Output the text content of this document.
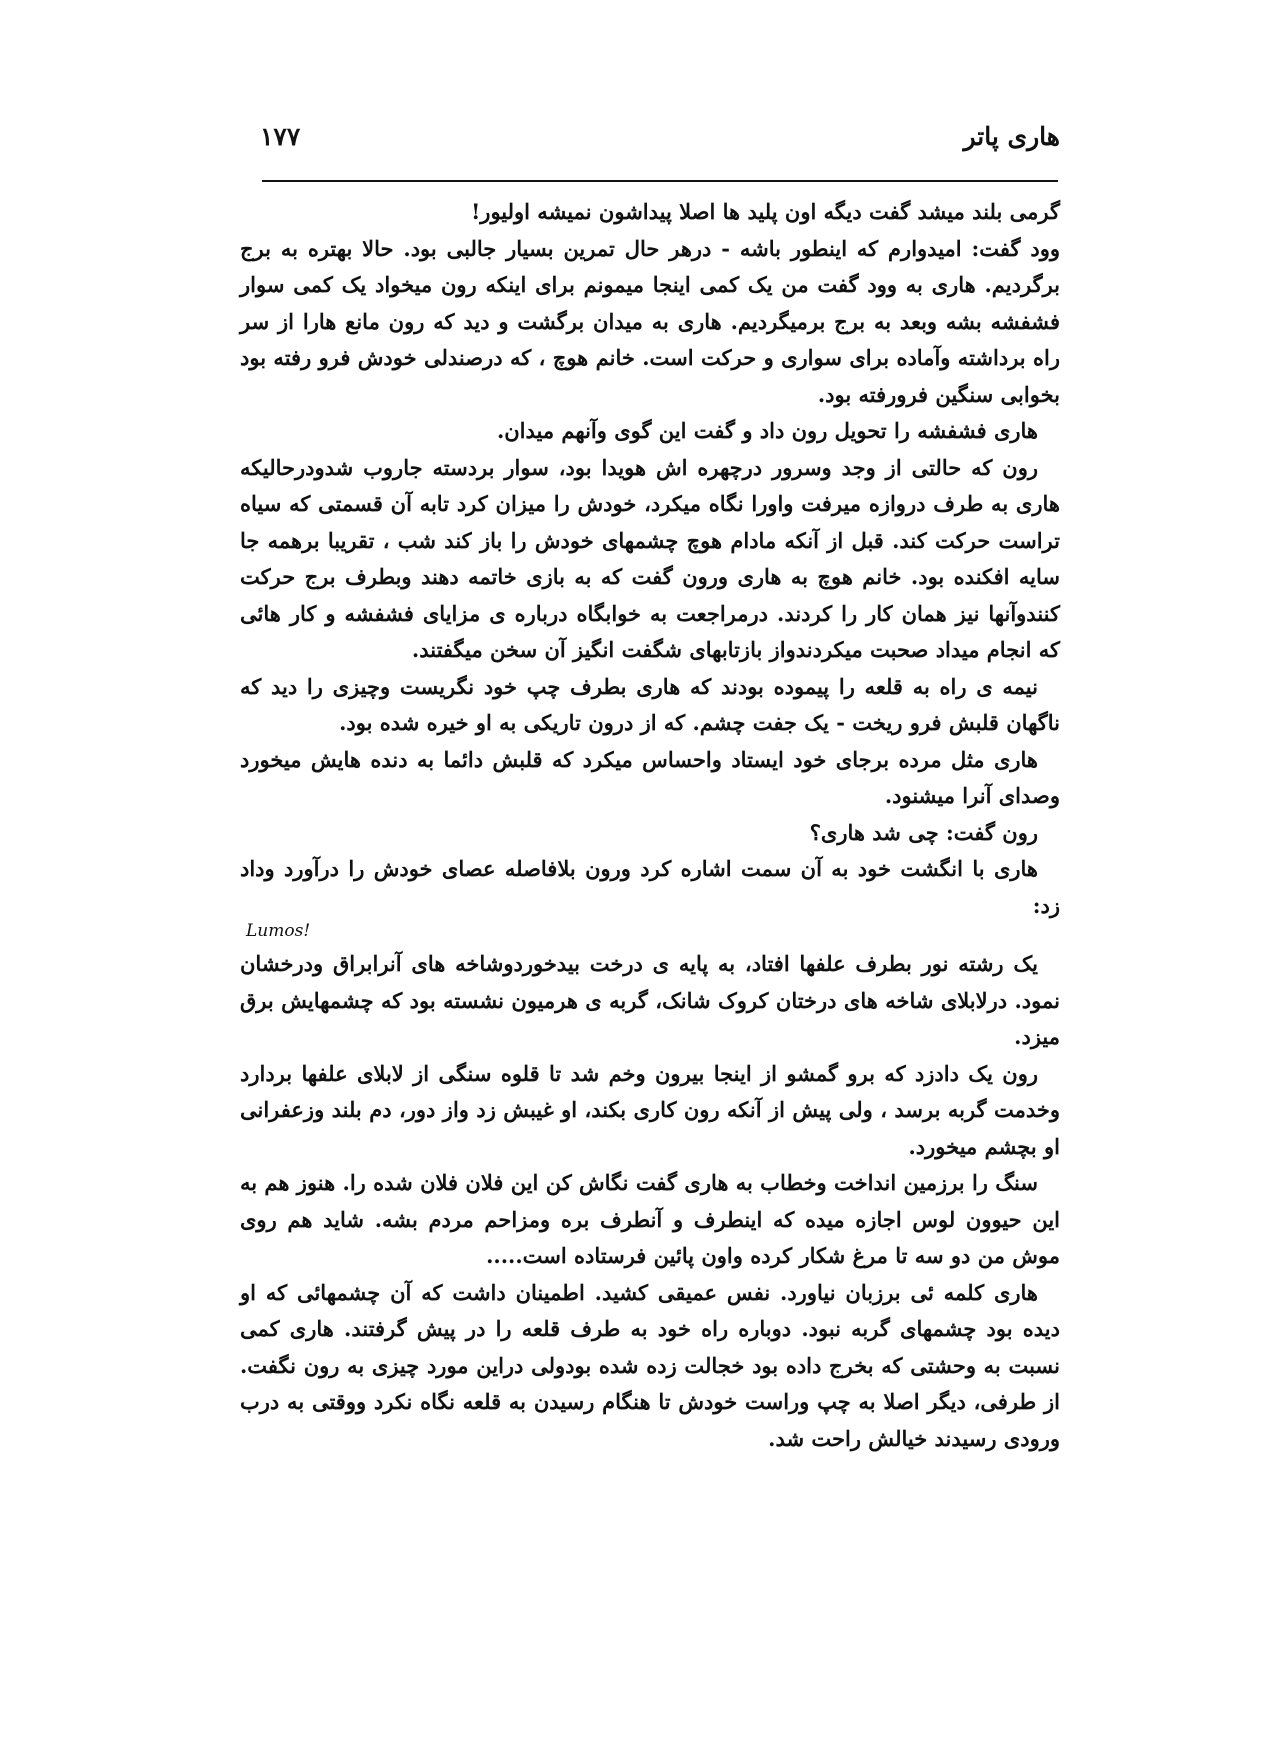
هاری پاتر
۱۷۷

گرمی بلند میشد گفت دیگه اون پلید ها اصلا پیداشون نمیشه اولیور!

وود گفت: امیدوارم که اینطور باشه - درهر حال تمرین بسیار جالبی بود. حالا بهتره به برج برگردیم. هاری به وود گفت من یک کمی اینجا میمونم برای اینکه رون میخواد یک کمی سوار فشفشه بشه وبعد به برج برمیگردیم. هاری به میدان برگشت و دید که رون مانع هارا از سر راه برداشته وآماده برای سواری و حرکت است. خانم هوچ ، که درصندلی خودش فرو رفته بود بخوابی سنگین فرورفته بود.

هاری فشفشه را تحویل رون داد و گفت این گوی وآنهم میدان.

رون که حالتی از وجد وسرور درچهره اش هویدا بود، سوار بردسته جاروب شدودرحالیکه هاری به طرف دروازه میرفت واورا نگاه میکرد، خودش را میزان کرد تابه آن قسمتی که سیاه تراست حرکت کند. قبل از آنکه مادام هوچ چشمهای خودش را باز کند شب ، تقریبا برهمه جا سایه افکنده بود. خانم هوچ به هاری ورون گفت که به بازی خاتمه دهند وبطرف برج حرکت کنندوآنها نیز همان کار را کردند. درمراجعت به خوابگاه درباره ی مزایای فشفشه و کار هائی که انجام میداد صحبت میکردندواز بازتابهای شگفت انگیز آن سخن میگفتند.

نیمه ی راه به قلعه را پیموده بودند که هاری بطرف چپ خود نگریست وچیزی را دید که ناگهان قلبش فرو ریخت - یک جفت چشم. که از درون تاریکی به او خیره شده بود.

هاری مثل مرده برجای خود ایستاد واحساس میکرد که قلبش دائما به دنده هایش میخورد وصدای آنرا میشنود.

رون گفت: چی شد هاری؟

هاری با انگشت خود به آن سمت اشاره کرد ورون بلافاصله عصای خودش را درآورد وداد زد:

Lumos!

یک رشته نور بطرف علفها افتاد، به پایه ی درخت بیدخوردوشاخه های آنرابراق ودرخشان نمود. درلابلای شاخه های درختان کروک شانک، گربه ی هرمیون نشسته بود که چشمهایش برق میزد.

رون یک دادزد که برو گمشو از اینجا بیرون وخم شد تا قلوه سنگی از لابلای علفها بردارد وخدمت گربه برسد ، ولی پیش از آنکه رون کاری بکند، او غیبش زد واز دور، دم بلند وزعفرانی او بچشم میخورد.

سنگ را برزمین انداخت وخطاب به هاری گفت نگاش کن این فلان فلان شده را. هنوز هم به این حیوون لوس اجازه میده که اینطرف و آنطرف بره ومزاحم مردم بشه. شاید هم روی موش من دو سه تا مرغ شکار کرده واون پائین فرستاده است.....

هاری کلمه ئی برزبان نیاورد. نفس عمیقی کشید. اطمینان داشت که آن چشمهائی که او دیده بود چشمهای گربه نبود. دوباره راه خود به طرف قلعه را در پیش گرفتند. هاری کمی نسبت به وحشتی که بخرج داده بود خجالت زده شده بودولی دراین مورد چیزی به رون نگفت. از طرفی، دیگر اصلا به چپ وراست خودش تا هنگام رسیدن به قلعه نگاه نکرد ووقتی به درب ورودی رسیدند خیالش راحت شد.
